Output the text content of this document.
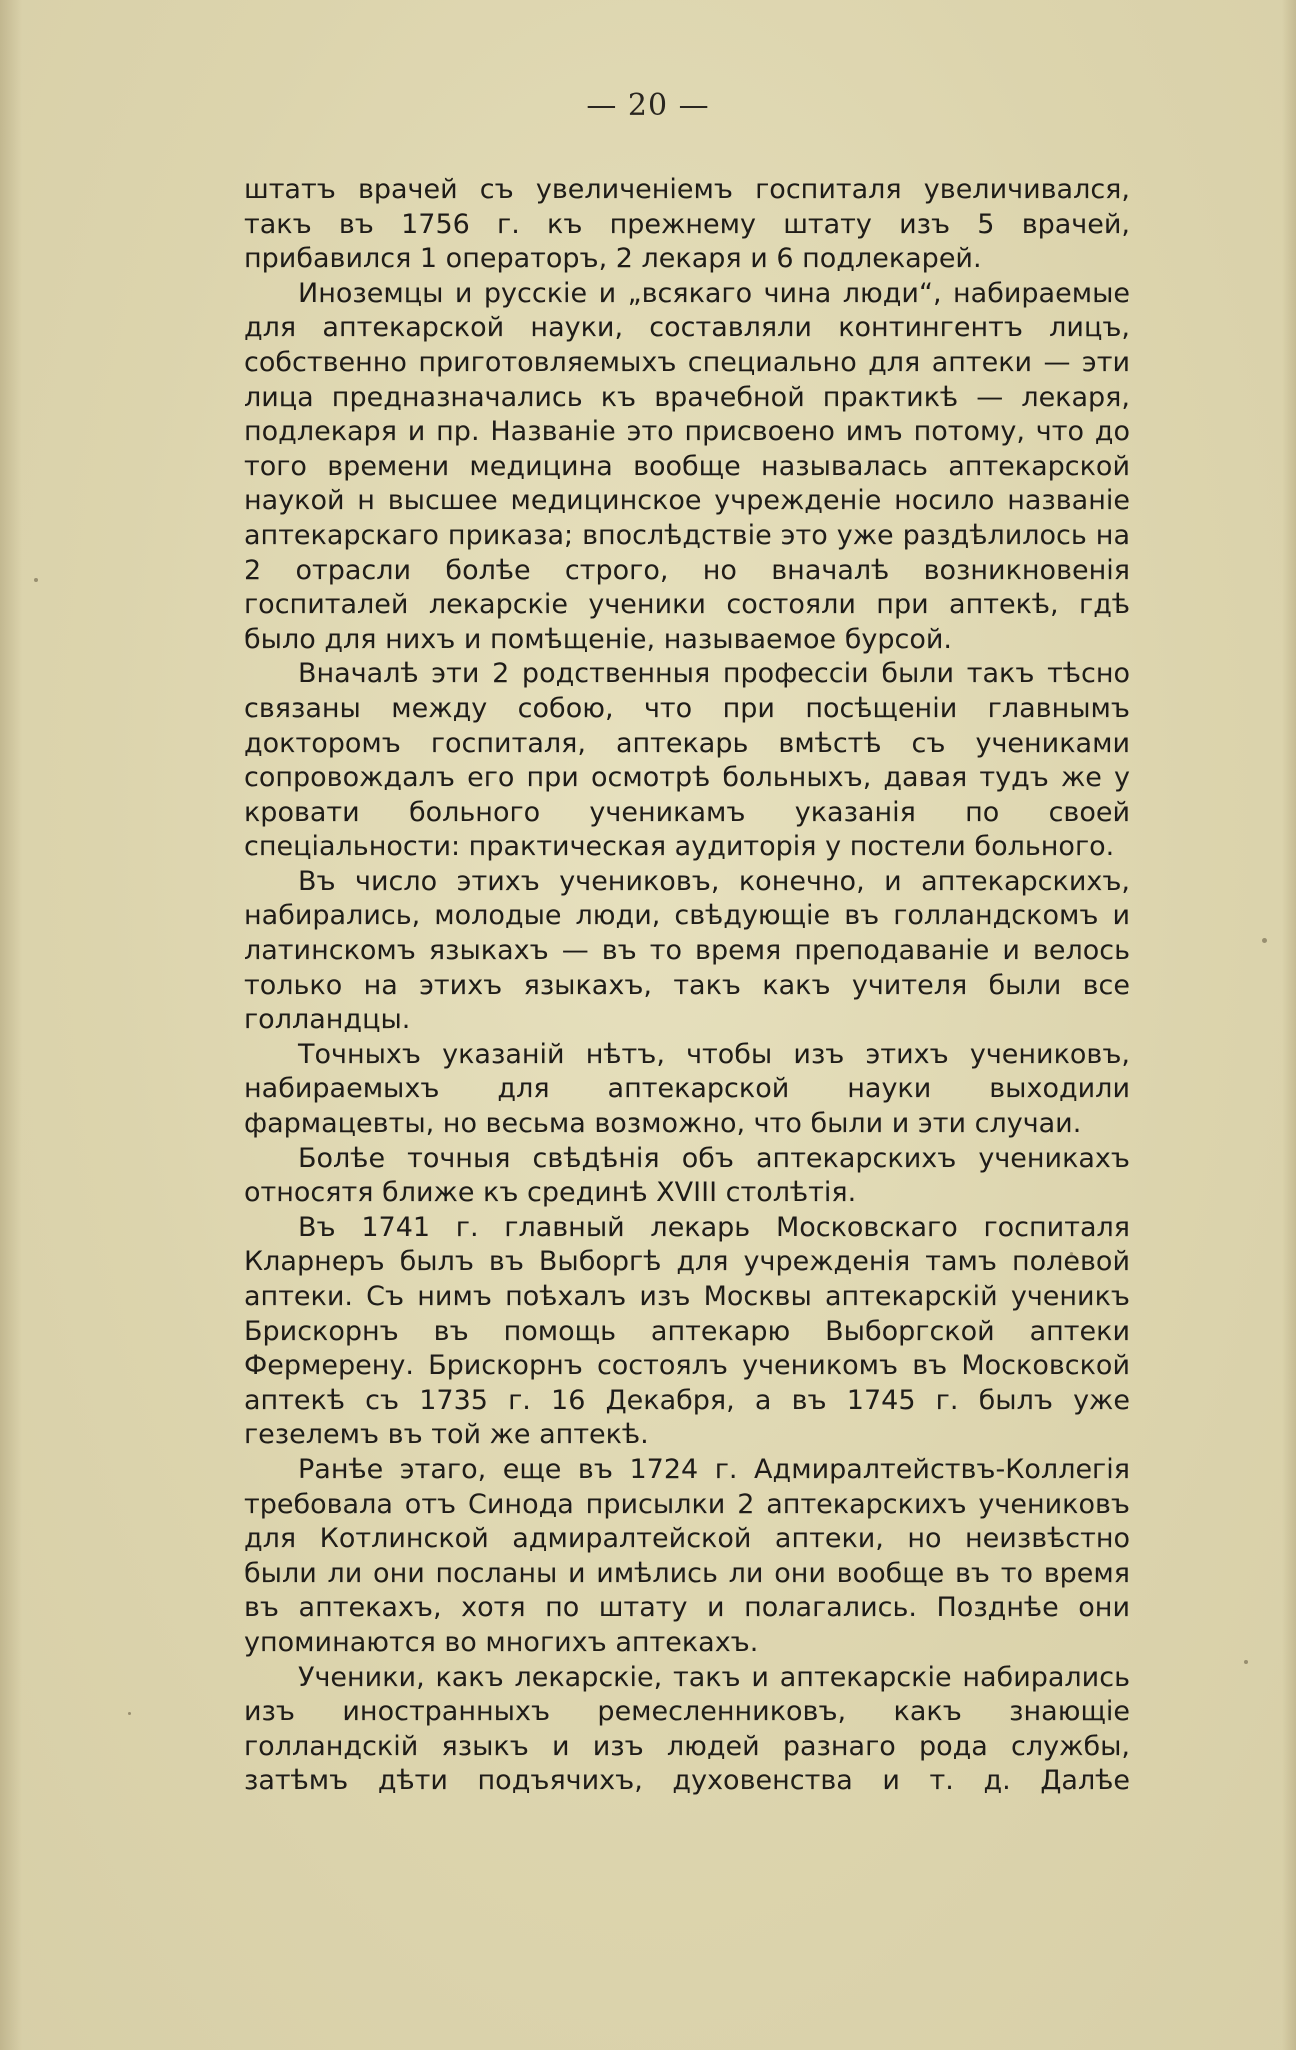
— 20 —

штатъ врачей съ увеличенiемъ госпиталя увеличивался, такъ въ 1756 г. къ прежнему штату изъ 5 врачей, прибавился 1 операторъ, 2 лекаря и 6 подлекарей.

Иноземцы и русскiе и „всякаго чина люди“, набираемые для аптекарской науки, составляли контингентъ лицъ, собственно приготовляемыхъ специально для аптеки — эти лица предназначались къ врачебной практикѣ — лекаря, подлекаря и пр. Названiе это присвоено имъ потому, что до того времени медицина вообще называлась аптекарской наукой н высшее медицинское учрежденiе носило названiе аптекарскаго приказа; впослѣдствiе это уже раздѣлилось на 2 отрасли болѣе строго, но вначалѣ возникновенiя госпиталей лекарскiе ученики состояли при аптекѣ, гдѣ было для нихъ и помѣщенiе, называемое бурсой.

Вначалѣ эти 2 родственныя профессiи были такъ тѣсно связаны между собою, что при посѣщенiи главнымъ докторомъ госпиталя, аптекарь вмѣстѣ съ учениками сопровождалъ его при осмотрѣ больныхъ, давая тудъ же у кровати больного ученикамъ указанiя по своей спецiальности: практическая аудиторiя у постели больного.

Въ число этихъ учениковъ, конечно, и аптекарскихъ, набирались, молодые люди, свѣдующiе въ голландскомъ и латинскомъ языкахъ — въ то время преподаванiе и велось только на этихъ языкахъ, такъ какъ учителя были все голландцы.

Точныхъ указанiй нѣтъ, чтобы изъ этихъ учениковъ, набираемыхъ для аптекарской науки выходили фармацевты, но весьма возможно, что были и эти случаи.

Болѣе точныя свѣдѣнiя объ аптекарскихъ ученикахъ относятя ближе къ срединѣ XVIII столѣтiя.

Въ 1741 г. главный лекарь Московскаго госпиталя Кларнеръ былъ въ Выборгѣ для учрежденiя тамъ полевой аптеки. Съ нимъ поѣхалъ изъ Москвы аптекарскiй ученикъ Брискорнъ въ помощь аптекарю Выборгской аптеки Фермерену. Брискорнъ состоялъ ученикомъ въ Московской аптекѣ съ 1735 г. 16 Декабря, а въ 1745 г. былъ уже гезелемъ въ той же аптекѣ.

Ранѣе этаго, еще въ 1724 г. Адмиралтействъ-Коллегiя требовала отъ Синода присылки 2 аптекарскихъ учениковъ для Котлинской адмиралтейской аптеки, но неизвѣстно были ли они посланы и имѣлись ли они вообще въ то время въ аптекахъ, хотя по штату и полагались. Позднѣе они упоминаются во многихъ аптекахъ.

Ученики, какъ лекарскiе, такъ и аптекарскiе набирались изъ иностранныхъ ремесленниковъ, какъ знающiе голландскiй языкъ и изъ людей разнаго рода службы, затѣмъ дѣти подъячихъ, духовенства и т. д. Далѣе
